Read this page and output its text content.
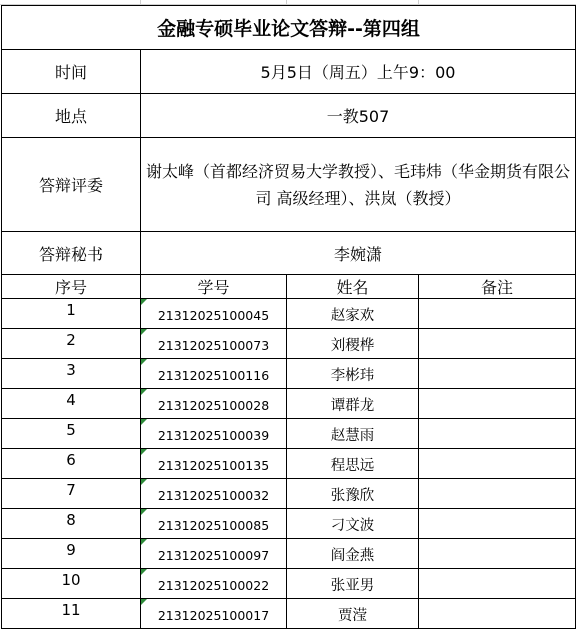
金融专硕毕业论文答辩--第四组			
时间	5月5日（周五）上午9：00		
地点	一教507		
答辩评委	谢太峰（首都经济贸易大学教授）、毛玮炜（华金期货有限公司 高级经理）、洪岚（教授）		

答辩秘书	李婉潇		
序号	学号	姓名	备注
1	21312025100045	赵家欢	
2	21312025100073	刘稷桦	
3	21312025100116	李彬玮	
4	21312025100028	谭群龙	
5	21312025100039	赵慧雨	
6	21312025100135	程思远	
7	21312025100032	张豫欣	
8	21312025100085	刁文波	
9	21312025100097	阎金燕	
10	21312025100022	张亚男	
11	21312025100017	贾滢	
